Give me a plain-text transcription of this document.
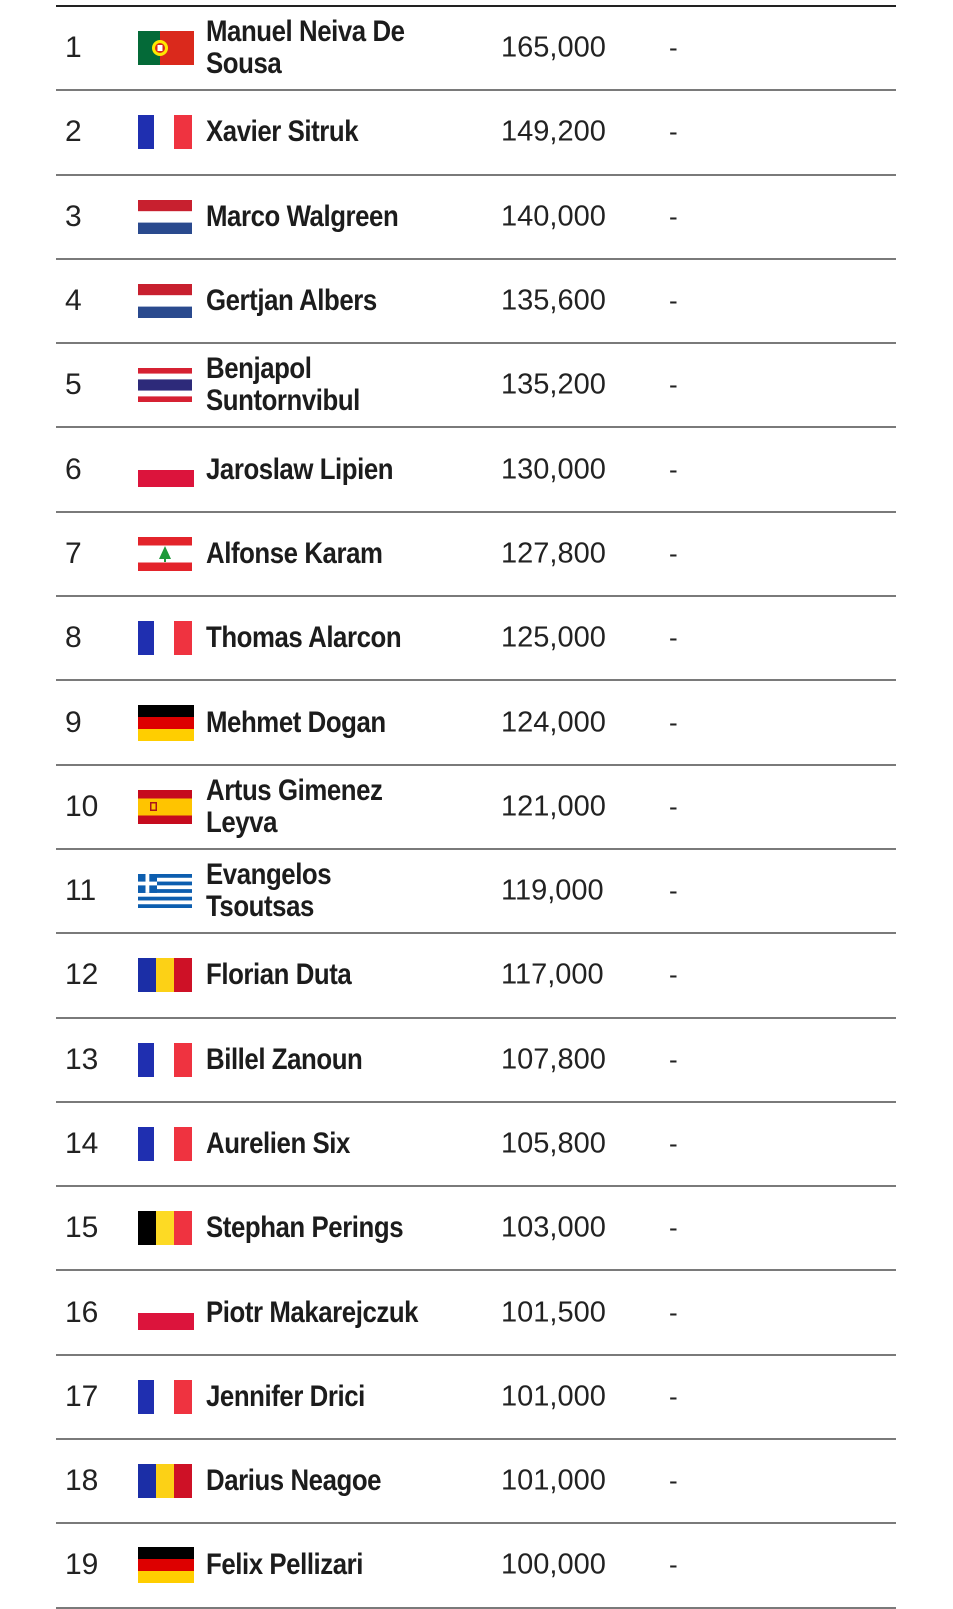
1	Manuel Neiva De Sousa	165,000 -
2	Xavier Sitruk	149,200 -
3	Marco Walgreen	140,000 -
4	Gertjan Albers	135,600 -
5	Benjapol Suntornvibul	135,200 -
6	Jaroslaw Lipien	130,000 -
7	Alfonse Karam	127,800 -
8	Thomas Alarcon	125,000 -
9	Mehmet Dogan	124,000 -
10	Artus Gimenez Leyva	121,000 -
11	Evangelos Tsoutsas	119,000	-
12	Florian Duta	117,000	-
13	Billel Zanoun	107,800 -
14	Aurelien Six	105,800 -
15	Stephan Perings	103,000 -
16	Piotr Makarejczuk	101,500 -
17	Jennifer Drici	101,000 -
18	Darius Neagoe	101,000 -
19	Felix Pellizari	100,000 -
